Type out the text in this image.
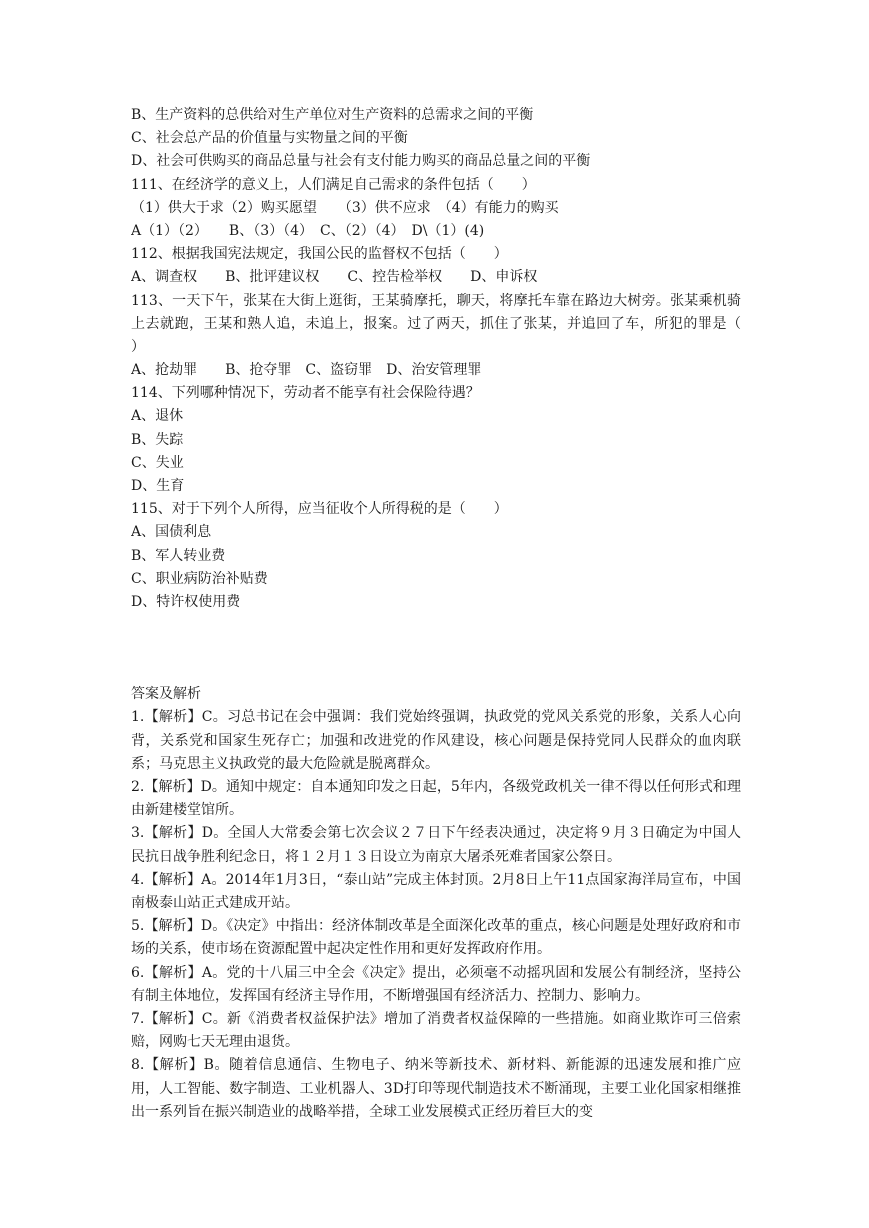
B、生产资料的总供给对生产单位对生产资料的总需求之间的平衡
C、社会总产品的价值量与实物量之间的平衡
D、社会可供购买的商品总量与社会有支付能力购买的商品总量之间的平衡
111、在经济学的意义上，人们满足自己需求的条件包括（　　）
（1）供大于求（2）购买愿望　　（3）供不应求　（4）有能力的购买
A（1）（2）　　B、（3）（4）　C、（2）（4）　D\（1）(4)
112、根据我国宪法规定，我国公民的监督权不包括（　　）
A、调查权　　B、批评建议权　　C、控告检举权　　D、申诉权
113、一天下午，张某在大街上逛街，王某骑摩托，聊天，将摩托车靠在路边大树旁。张某乘机骑上去就跑，王某和熟人追，未追上，报案。过了两天，抓住了张某，并追回了车，所犯的罪是（　　）
A、抢劫罪　　B、抢夺罪　C、盗窃罪　D、治安管理罪
114、下列哪种情况下，劳动者不能享有社会保险待遇？
A、退休
B、失踪
C、失业
D、生育
115、对于下列个人所得，应当征收个人所得税的是（　　）
A、国债利息
B、军人转业费
C、职业病防治补贴费
D、特许权使用费
答案及解析
1.【解析】C。习总书记在会中强调：我们党始终强调，执政党的党风关系党的形象，关系人心向背，关系党和国家生死存亡；加强和改进党的作风建设，核心问题是保持党同人民群众的血肉联系；马克思主义执政党的最大危险就是脱离群众。
2.【解析】D。通知中规定：自本通知印发之日起，5年内，各级党政机关一律不得以任何形式和理由新建楼堂馆所。
3.【解析】D。全国人大常委会第七次会议２７日下午经表决通过，决定将９月３日确定为中国人民抗日战争胜利纪念日，将１２月１３日设立为南京大屠杀死难者国家公祭日。
4.【解析】A。2014年1月3日，“泰山站”完成主体封顶。2月8日上午11点国家海洋局宣布，中国南极泰山站正式建成开站。
5.【解析】D。《决定》中指出：经济体制改革是全面深化改革的重点，核心问题是处理好政府和市场的关系，使市场在资源配置中起决定性作用和更好发挥政府作用。
6.【解析】A。党的十八届三中全会《决定》提出，必须毫不动摇巩固和发展公有制经济，坚持公有制主体地位，发挥国有经济主导作用，不断增强国有经济活力、控制力、影响力。
7.【解析】C。新《消费者权益保护法》增加了消费者权益保障的一些措施。如商业欺诈可三倍索赔，网购七天无理由退货。
8.【解析】B。随着信息通信、生物电子、纳米等新技术、新材料、新能源的迅速发展和推广应用，人工智能、数字制造、工业机器人、3D打印等现代制造技术不断涌现，主要工业化国家相继推出一系列旨在振兴制造业的战略举措，全球工业发展模式正经历着巨大的变
